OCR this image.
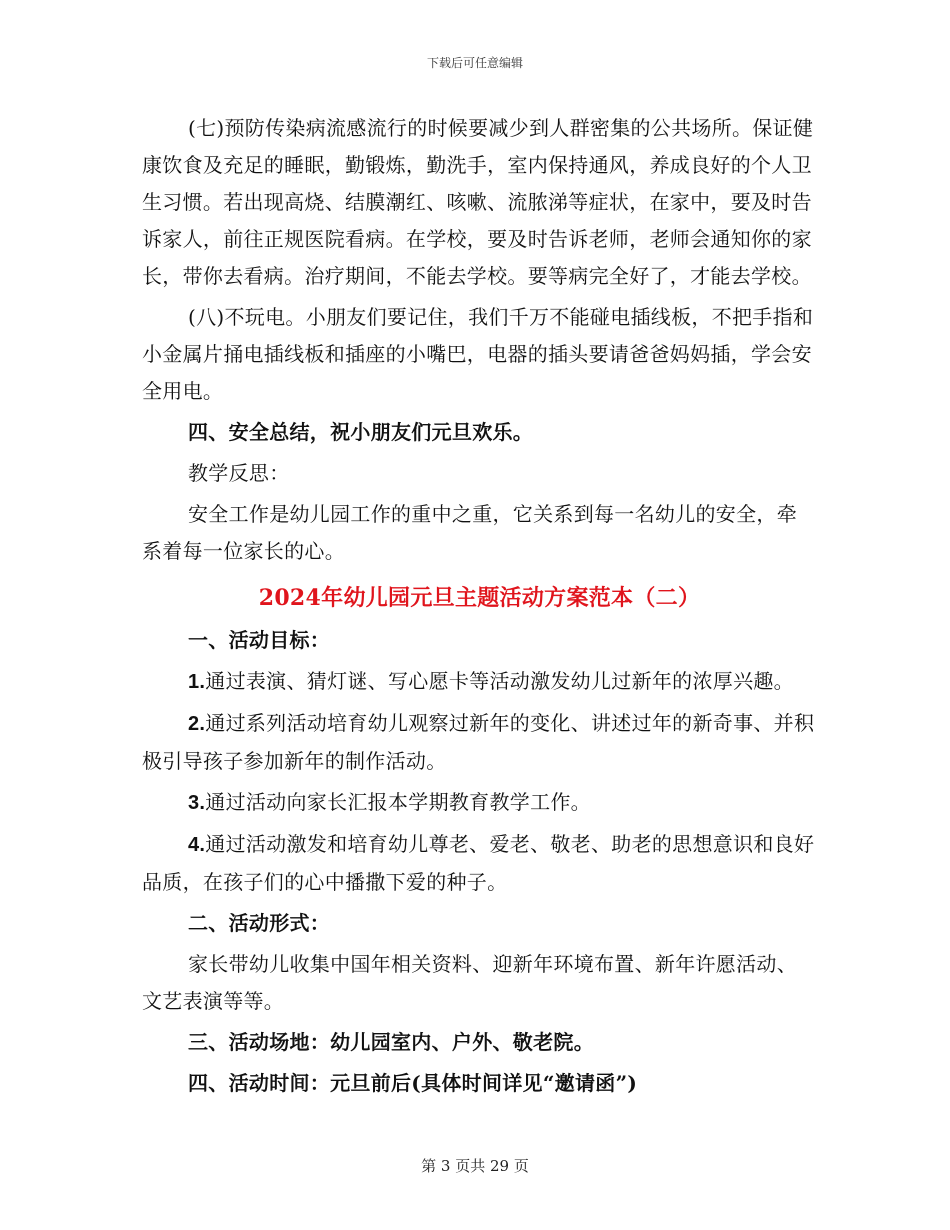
下载后可任意编辑

(七)预防传染病流感流行的时候要减少到人群密集的公共场所。保证健康饮食及充足的睡眠，勤锻炼，勤洗手，室内保持通风，养成良好的个人卫生习惯。若出现高烧、结膜潮红、咳嗽、流脓涕等症状，在家中，要及时告诉家人，前往正规医院看病。在学校，要及时告诉老师，老师会通知你的家长，带你去看病。治疗期间，不能去学校。要等病完全好了，才能去学校。

(八)不玩电。小朋友们要记住，我们千万不能碰电插线板，不把手指和小金属片捅电插线板和插座的小嘴巴，电器的插头要请爸爸妈妈插，学会安全用电。

四、安全总结，祝小朋友们元旦欢乐。

教学反思：

安全工作是幼儿园工作的重中之重，它关系到每一名幼儿的安全，牵系着每一位家长的心。

2024年幼儿园元旦主题活动方案范本（二）

一、活动目标：

1.通过表演、猜灯谜、写心愿卡等活动激发幼儿过新年的浓厚兴趣。

2.通过系列活动培育幼儿观察过新年的变化、讲述过年的新奇事、并积极引导孩子参加新年的制作活动。

3.通过活动向家长汇报本学期教育教学工作。

4.通过活动激发和培育幼儿尊老、爱老、敬老、助老的思想意识和良好品质，在孩子们的心中播撒下爱的种子。

二、活动形式：

家长带幼儿收集中国年相关资料、迎新年环境布置、新年许愿活动、文艺表演等等。

三、活动场地：幼儿园室内、户外、敬老院。

四、活动时间：元旦前后(具体时间详见“邀请函”)

第 3 页共 29 页
